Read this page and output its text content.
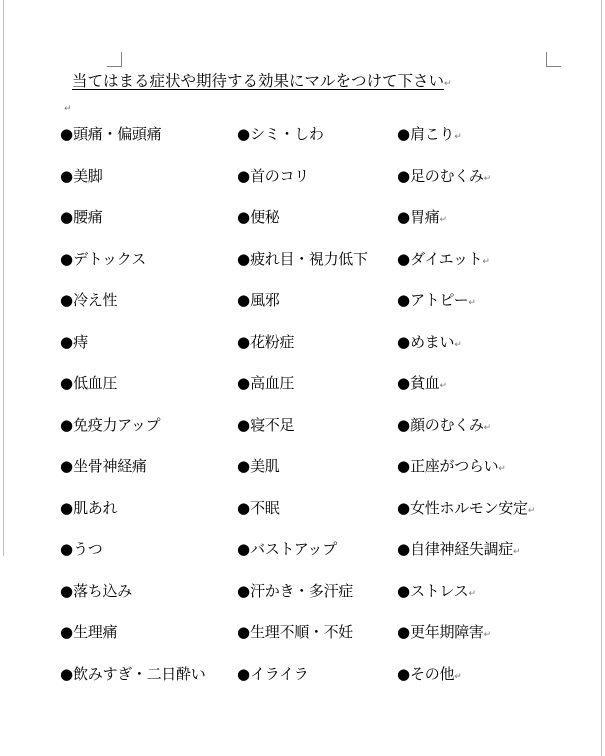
当てはまる症状や期待する効果にマルをつけて下さい↵
↵
●頭痛・偏頭痛	●シミ・しわ	●肩こり↵
●美脚	●首のコリ	●足のむくみ↵
●腰痛	●便秘	●胃痛↵
●デトックス	●疲れ目・視力低下 ●ダイエット↵
●冷え性	●風邪	●アトピー↵
●痔	●花粉症	●めまい↵
●低血圧	●高血圧	●貧血↵
●免疫力アップ	●寝不足	●顔のむくみ↵
●坐骨神経痛	●美肌	●正座がつらい↵
●肌あれ	●不眠	●女性ホルモン安定↵
●うつ	●バストアップ	●自律神経失調症↵
●落ち込み	●汗かき・多汗症	●ストレス↵
●生理痛	●生理不順・不妊	●更年期障害↵
●飲みすぎ・二日酔い ●イライラ	●その他↵
